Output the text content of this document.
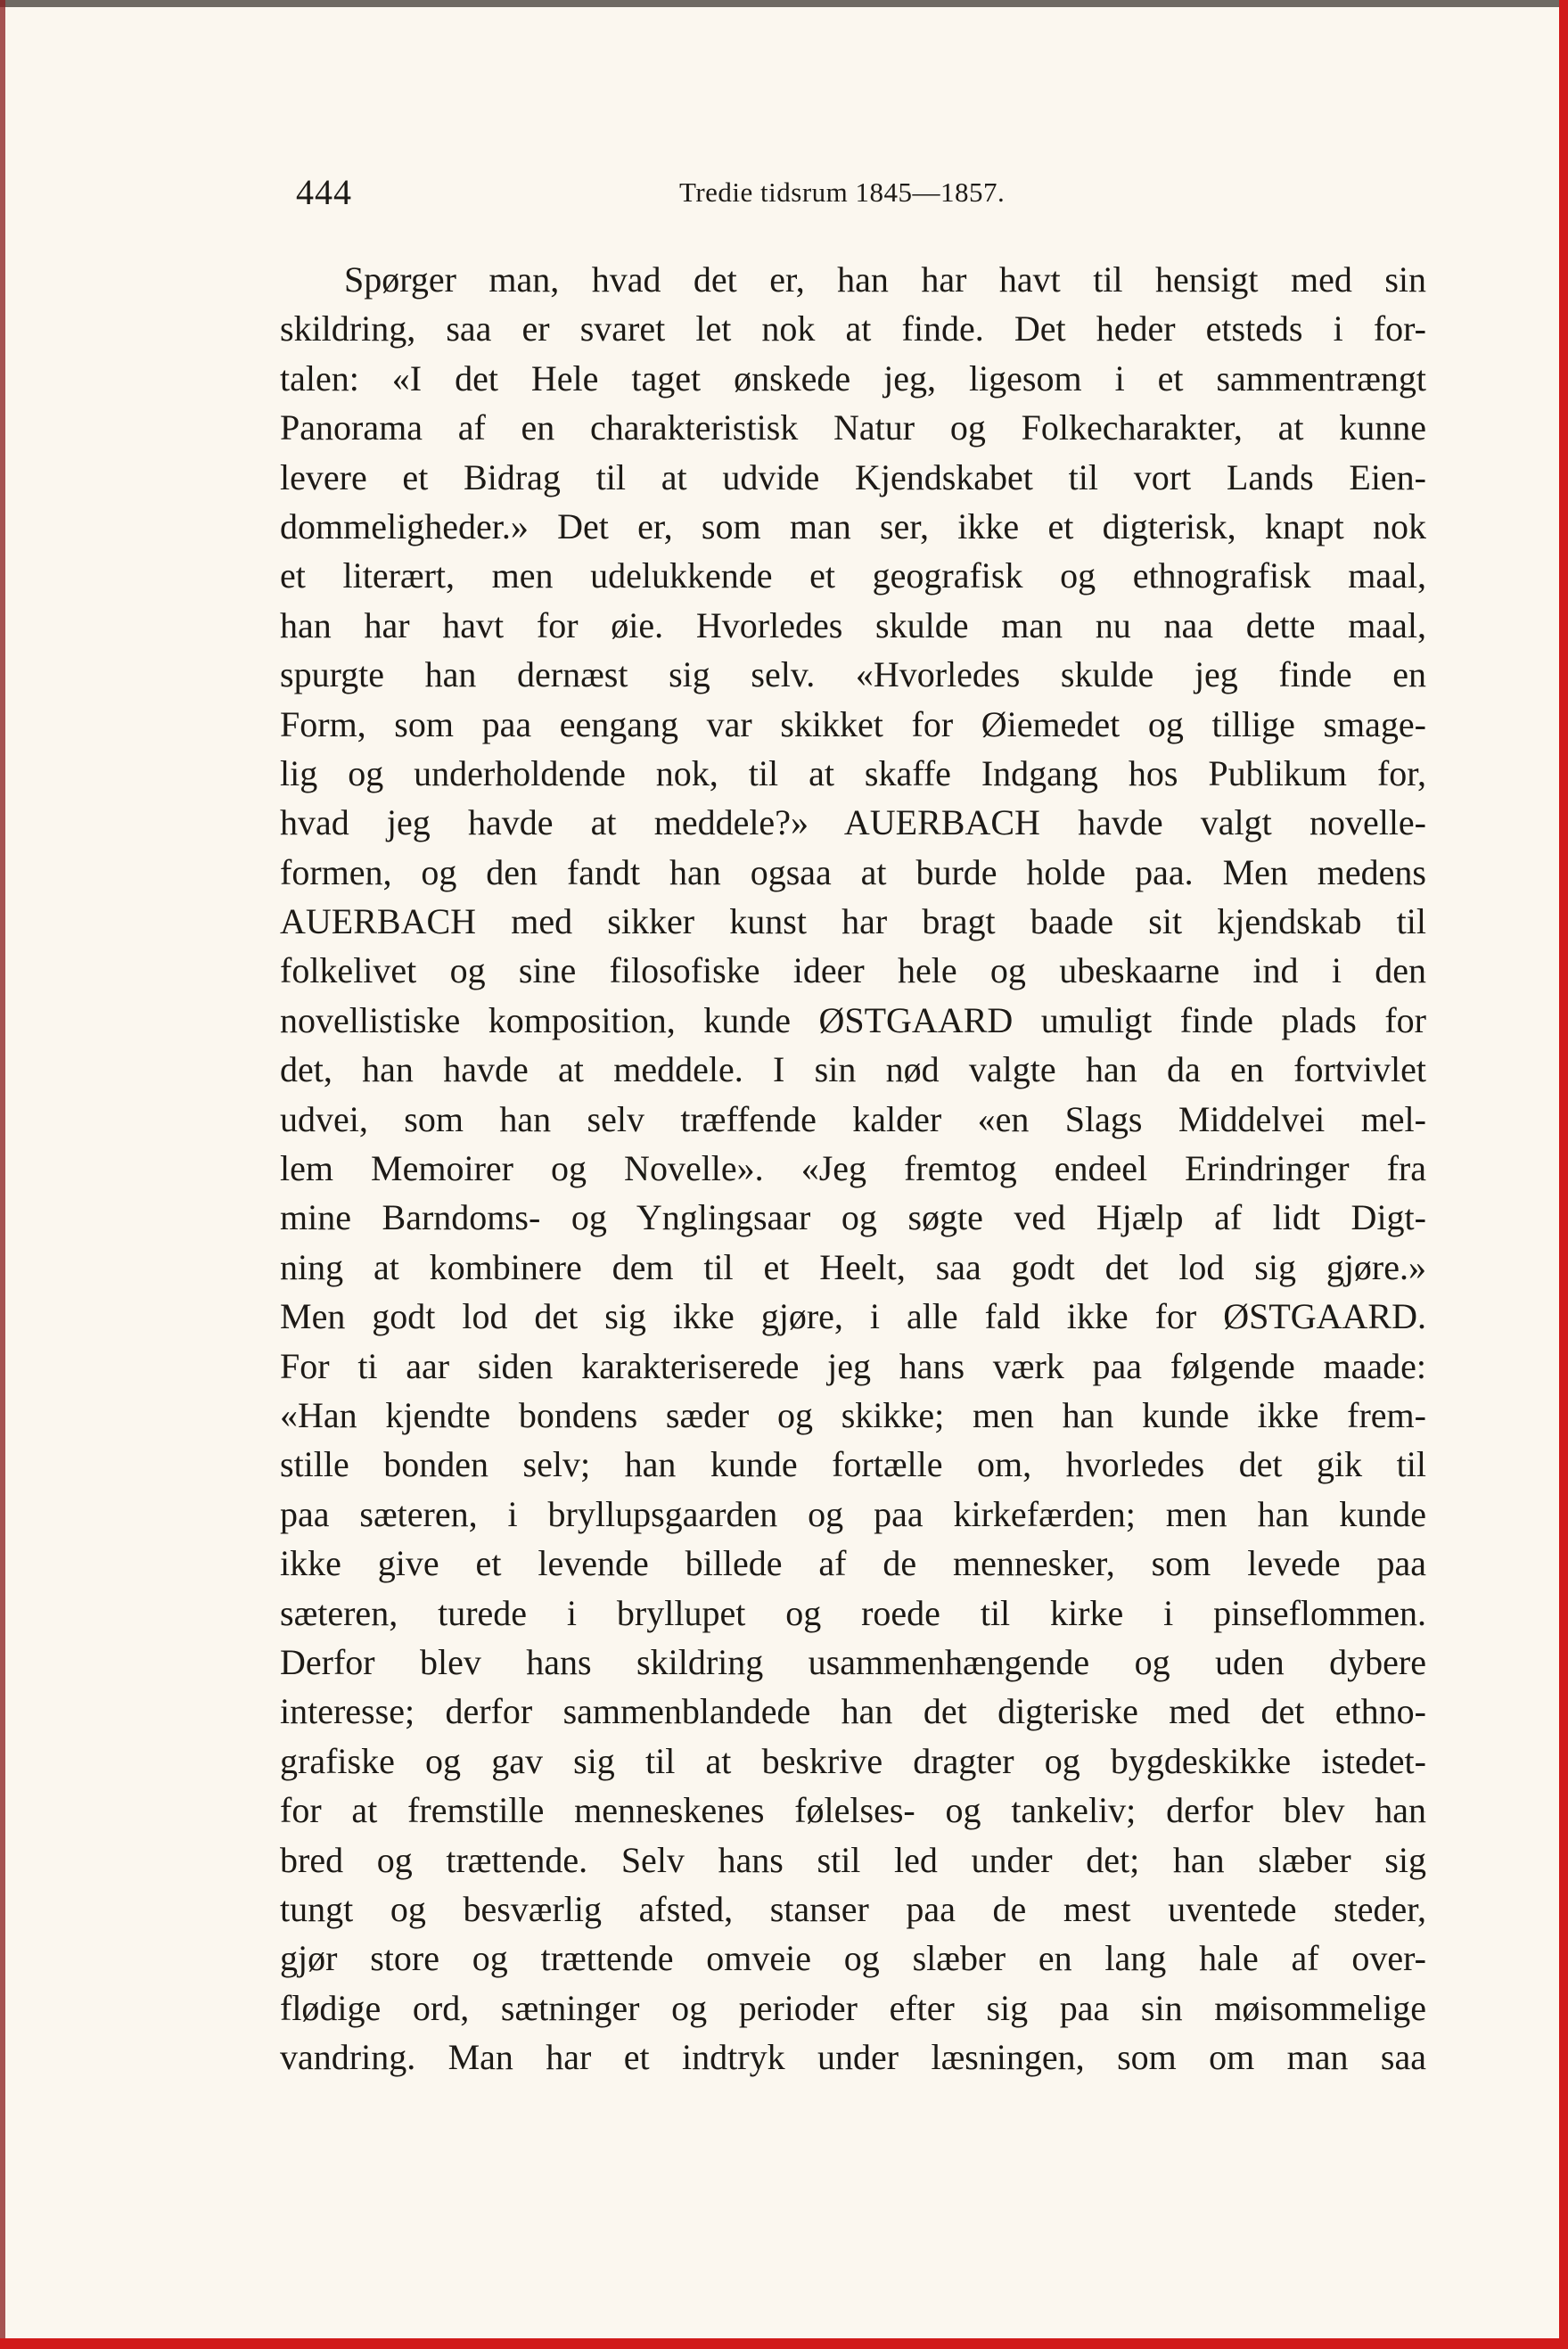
444	Tredie tidsrum 1845—1857.
Spørger man, hvad det er, han har havt til hensigt med sin
skildring, saa er svaret let nok at finde. Det heder etsteds i for-
talen: «I det Hele taget ønskede jeg, ligesom i et sammentrængt
Panorama af en charakteristisk Natur og Folkecharakter, at kunne
levere et Bidrag til at udvide Kjendskabet til vort Lands Eien-
dommeligheder.» Det er, som man ser, ikke et digterisk, knapt nok
et literært, men udelukkende et geografisk og ethnografisk maal,
han har havt for øie. Hvorledes skulde man nu naa dette maal,
spurgte han dernæst sig selv. «Hvorledes skulde jeg finde en
Form, som paa eengang var skikket for Øiemedet og tillige smage-
lig og underholdende nok, til at skaffe Indgang hos Publikum for,
hvad jeg havde at meddele?» AUERBACH havde valgt novelle-
formen, og den fandt han ogsaa at burde holde paa. Men medens
AUERBACH med sikker kunst har bragt baade sit kjendskab til
folkelivet og sine filosofiske ideer hele og ubeskaarne ind i den
novellistiske komposition, kunde ØSTGAARD umuligt finde plads for
det, han havde at meddele. I sin nød valgte han da en fortvivlet
udvei, som han selv træffende kalder «en Slags Middelvei mel-
lem Memoirer og Novelle». «Jeg fremtog endeel Erindringer fra
mine Barndoms- og Ynglingsaar og søgte ved Hjælp af lidt Digt-
ning at kombinere dem til et Heelt, saa godt det lod sig gjøre.»
Men godt lod det sig ikke gjøre, i alle fald ikke for ØSTGAARD.
For ti aar siden karakteriserede jeg hans værk paa følgende maade:
«Han kjendte bondens sæder og skikke; men han kunde ikke frem-
stille bonden selv; han kunde fortælle om, hvorledes det gik til
paa sæteren, i bryllupsgaarden og paa kirkefærden; men han kunde
ikke give et levende billede af de mennesker, som levede paa
sæteren, turede i bryllupet og roede til kirke i pinseflommen.
Derfor blev hans skildring usammenhængende og uden dybere
interesse; derfor sammenblandede han det digteriske med det ethno-
grafiske og gav sig til at beskrive dragter og bygdeskikke istedet-
for at fremstille menneskenes følelses- og tankeliv; derfor blev han
bred og trættende. Selv hans stil led under det; han slæber sig
tungt og besværlig afsted, stanser paa de mest uventede steder,
gjør store og trættende omveie og slæber en lang hale af over-
flødige ord, sætninger og perioder efter sig paa sin møisommelige
vandring. Man har et indtryk under læsningen, som om man saa
